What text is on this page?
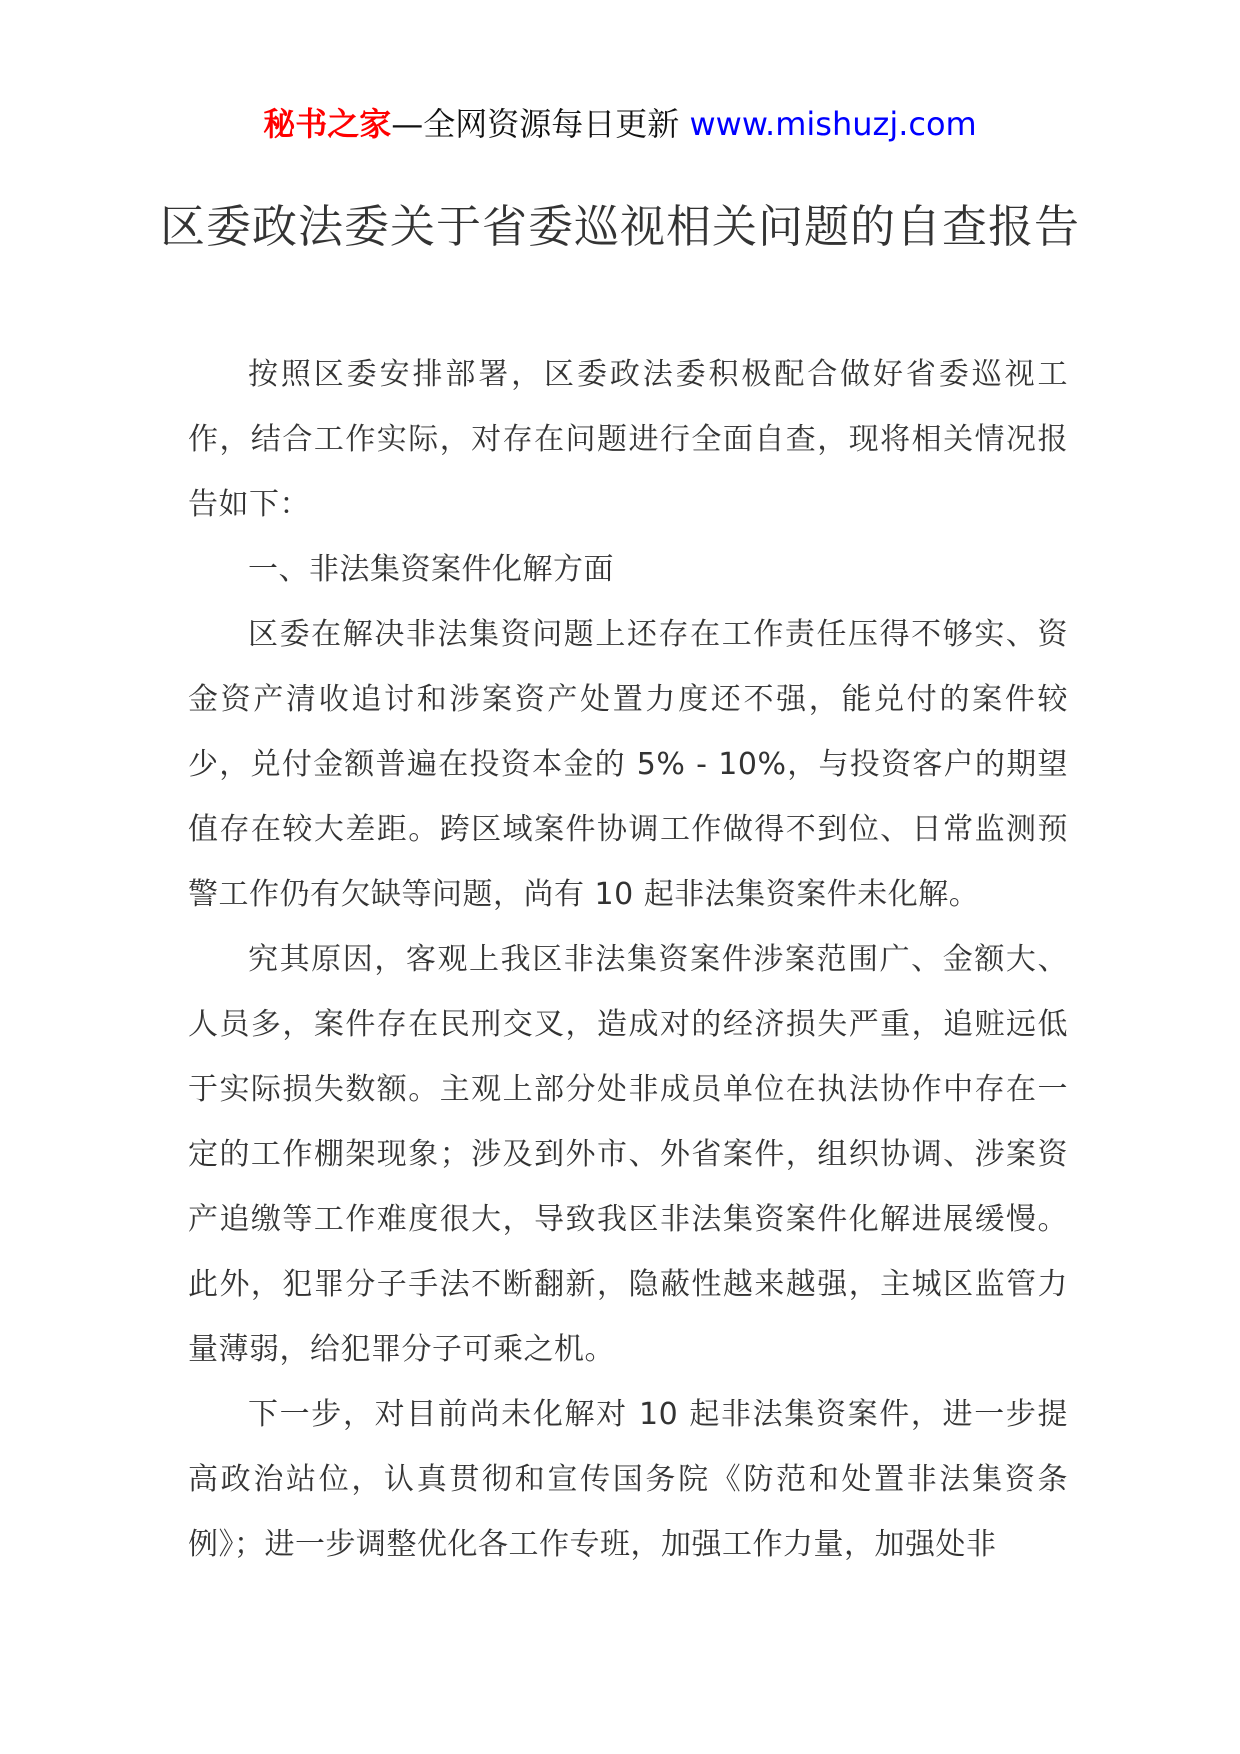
秘书之家—全网资源每日更新 www.mishuzj.com
区委政法委关于省委巡视相关问题的自查报告

按照区委安排部署，区委政法委积极配合做好省委巡视工作，结合工作实际，对存在问题进行全面自查，现将相关情况报告如下：

一、非法集资案件化解方面

区委在解决非法集资问题上还存在工作责任压得不够实、资金资产清收追讨和涉案资产处置力度还不强，能兑付的案件较少，兑付金额普遍在投资本金的 5% - 10%，与投资客户的期望值存在较大差距。跨区域案件协调工作做得不到位、日常监测预警工作仍有欠缺等问题，尚有 10 起非法集资案件未化解。

究其原因，客观上我区非法集资案件涉案范围广、金额大、人员多，案件存在民刑交叉，造成对的经济损失严重，追赃远低于实际损失数额。主观上部分处非成员单位在执法协作中存在一定的工作棚架现象；涉及到外市、外省案件，组织协调、涉案资产追缴等工作难度很大，导致我区非法集资案件化解进展缓慢。此外，犯罪分子手法不断翻新，隐蔽性越来越强，主城区监管力量薄弱，给犯罪分子可乘之机。

下一步，对目前尚未化解对 10 起非法集资案件，进一步提高政治站位，认真贯彻和宣传国务院《防范和处置非法集资条例》；进一步调整优化各工作专班，加强工作力量，加强处非
